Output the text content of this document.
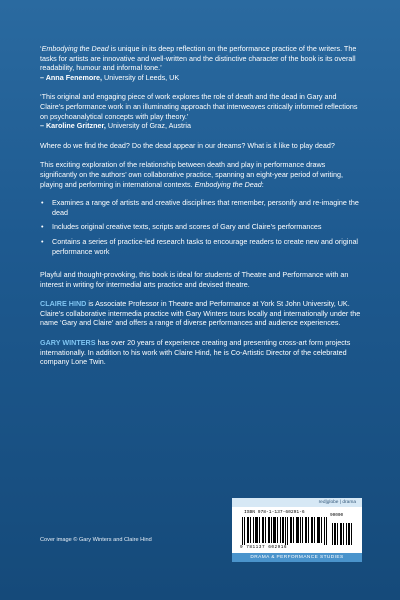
‘Embodying the Dead is unique in its deep reflection on the performance practice of the writers. The tasks for artists are innovative and well-written and the distinctive character of the book is its overall readability, humour and informal tone.’
– Anna Fenemore, University of Leeds, UK

‘This original and engaging piece of work explores the role of death and the dead in Gary and Claire’s performance work in an illuminating approach that interweaves critically informed reflections on psychoanalytical concepts with play theory.’
– Karoline Gritzner, University of Graz, Austria

Where do we find the dead? Do the dead appear in our dreams? What is it like to play dead?

This exciting exploration of the relationship between death and play in performance draws significantly on the authors’ own collaborative practice, spanning an eight-year period of writing, playing and performing in international contexts. Embodying the Dead:

• Examines a range of artists and creative disciplines that remember, personify and re-imagine the dead
• Includes original creative texts, scripts and scores of Gary and Claire’s performances
• Contains a series of practice-led research tasks to encourage readers to create new and original performance work

Playful and thought-provoking, this book is ideal for students of Theatre and Performance with an interest in writing for intermedial arts practice and devised theatre.

CLAIRE HIND is Associate Professor in Theatre and Performance at York St John University, UK. Claire’s collaborative intermedia practice with Gary Winters tours locally and internationally under the name ‘Gary and Claire’ and offers a range of diverse performances and audience experiences.

GARY WINTERS has over 20 years of experience creating and presenting cross-art form projects internationally. In addition to his work with Claire Hind, he is Co-Artistic Director of the celebrated company Lone Twin.

Cover image © Gary Winters and Claire Hind
red|globe | drama
ISBN 978-1-137-60291-6
90000
9 781137 602916
DRAMA & PERFORMANCE STUDIES
